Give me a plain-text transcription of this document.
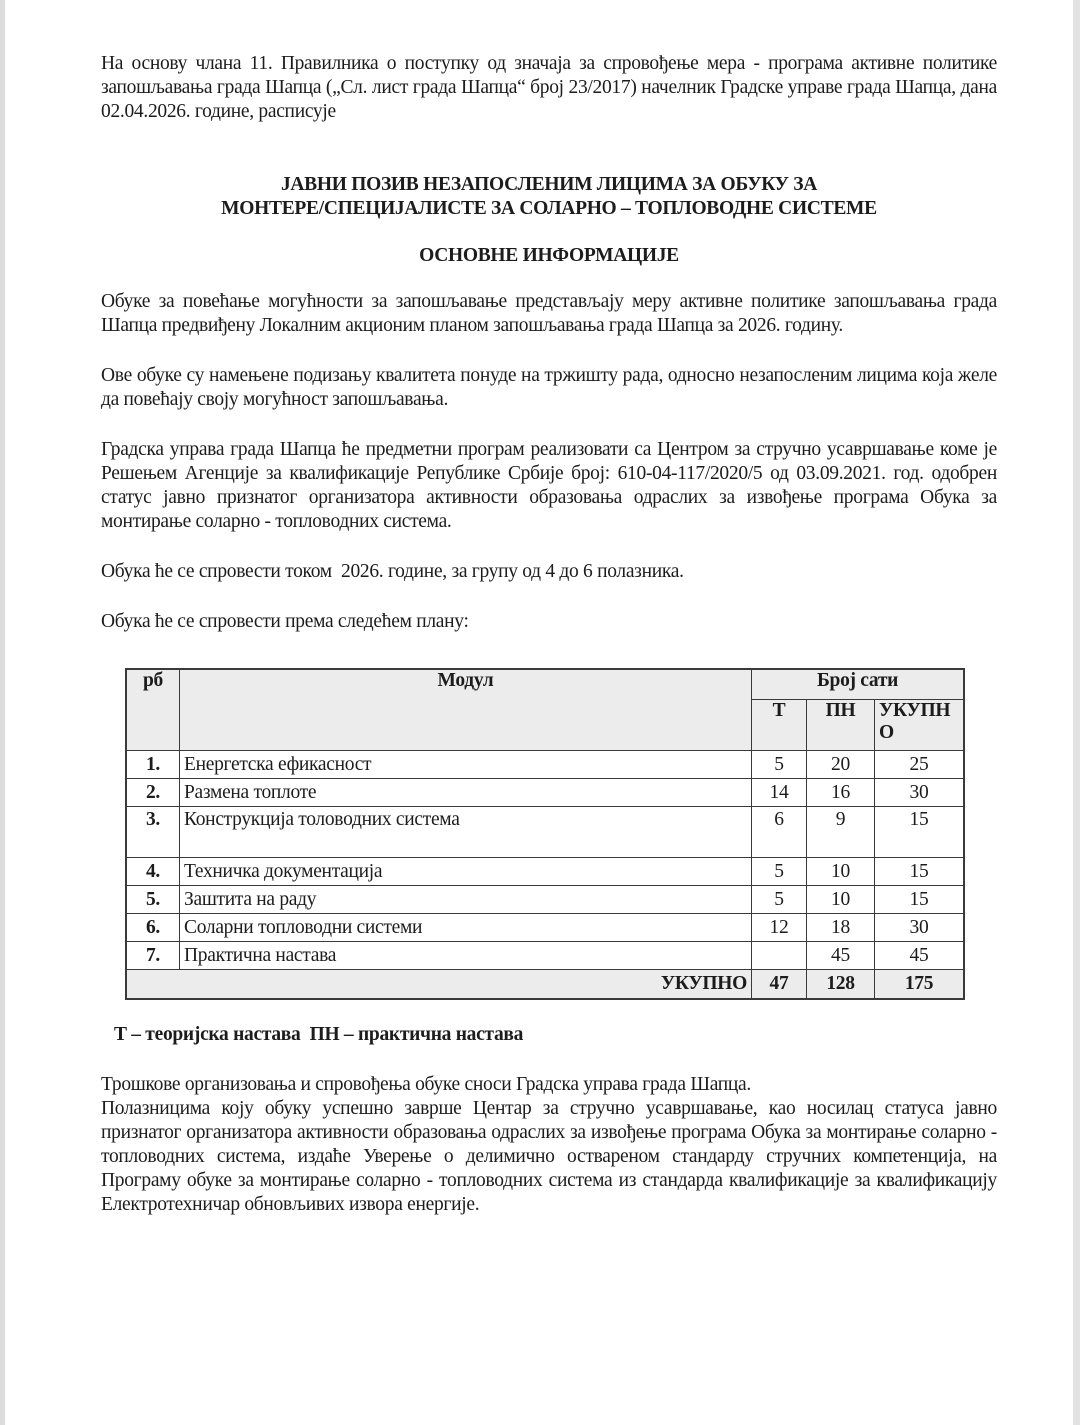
На основу члана 11. Правилника о поступку од значаја за спровођење мера - програма активне политике запошљавања града Шапца („Сл. лист града Шапца“ број 23/2017) начелник Градске управе града Шапца, дана 02.04.2026. године, расписује

ЈАВНИ ПОЗИВ НЕЗАПОСЛЕНИМ ЛИЦИМА ЗА ОБУКУ ЗА
МОНТЕРЕ/СПЕЦИЈАЛИСТЕ ЗА СОЛАРНО – ТОПЛОВОДНЕ СИСТЕМЕ
ОСНОВНЕ ИНФОРМАЦИЈЕ

Обуке за повећање могућности за запошљавање представљају меру активне политике запошљавања града Шапца предвиђену Локалним акционим планом запошљавања града Шапца за 2026. годину.

Ове обуке су намењене подизању квалитета понуде на тржишту рада, односно незапосленим лицима која желе да повећају своју могућност запошљавања.

Градска управа града Шапца ће предметни програм реализовати са Центром за стручно усавршавање коме је Решењем Агенције за квалификације Републике Србије број: 610-04-117/2020/5 од 03.09.2021. год. одобрен статус јавно признатог организатора активности образовања одраслих за извођење програма Обука за монтирање соларно - топловодних система.

Обука ће се спровести током  2026. године, за групу од 4 до 6 полазника.

Обука ће се спровести према следећем плану:

рб	Модул	Број сати		
		Т	ПН	УКУПНО
1.	Енергетска ефикасност	5	20	25
2.	Размена топлоте	14	16	30
3.	Конструкција толоводних система	6	9	15
4.	Техничка документација	5	10	15
5.	Заштита на раду	5	10	15
6.	Соларни топловодни системи	12	18	30
7.	Практична настава		45	45
УКУПНО		47	128	175
Т – теоријска настава  ПН – практична настава

Трошкове организовања и спровођења обуке сноси Градска управа града Шапца.

Полазницима коју обуку успешно заврше Центар за стручно усавршавање, као носилац статуса јавно признатог организатора активности образовања одраслих за извођење програма Обука за монтирање соларно - топловодних система, издаће Уверење о делимично оствареном стандарду стручних компетенција, на Програму обуке за монтирање соларно - топловодних система из стандарда квалификације за квалификацију Електротехничар обновљивих извора енергије.
